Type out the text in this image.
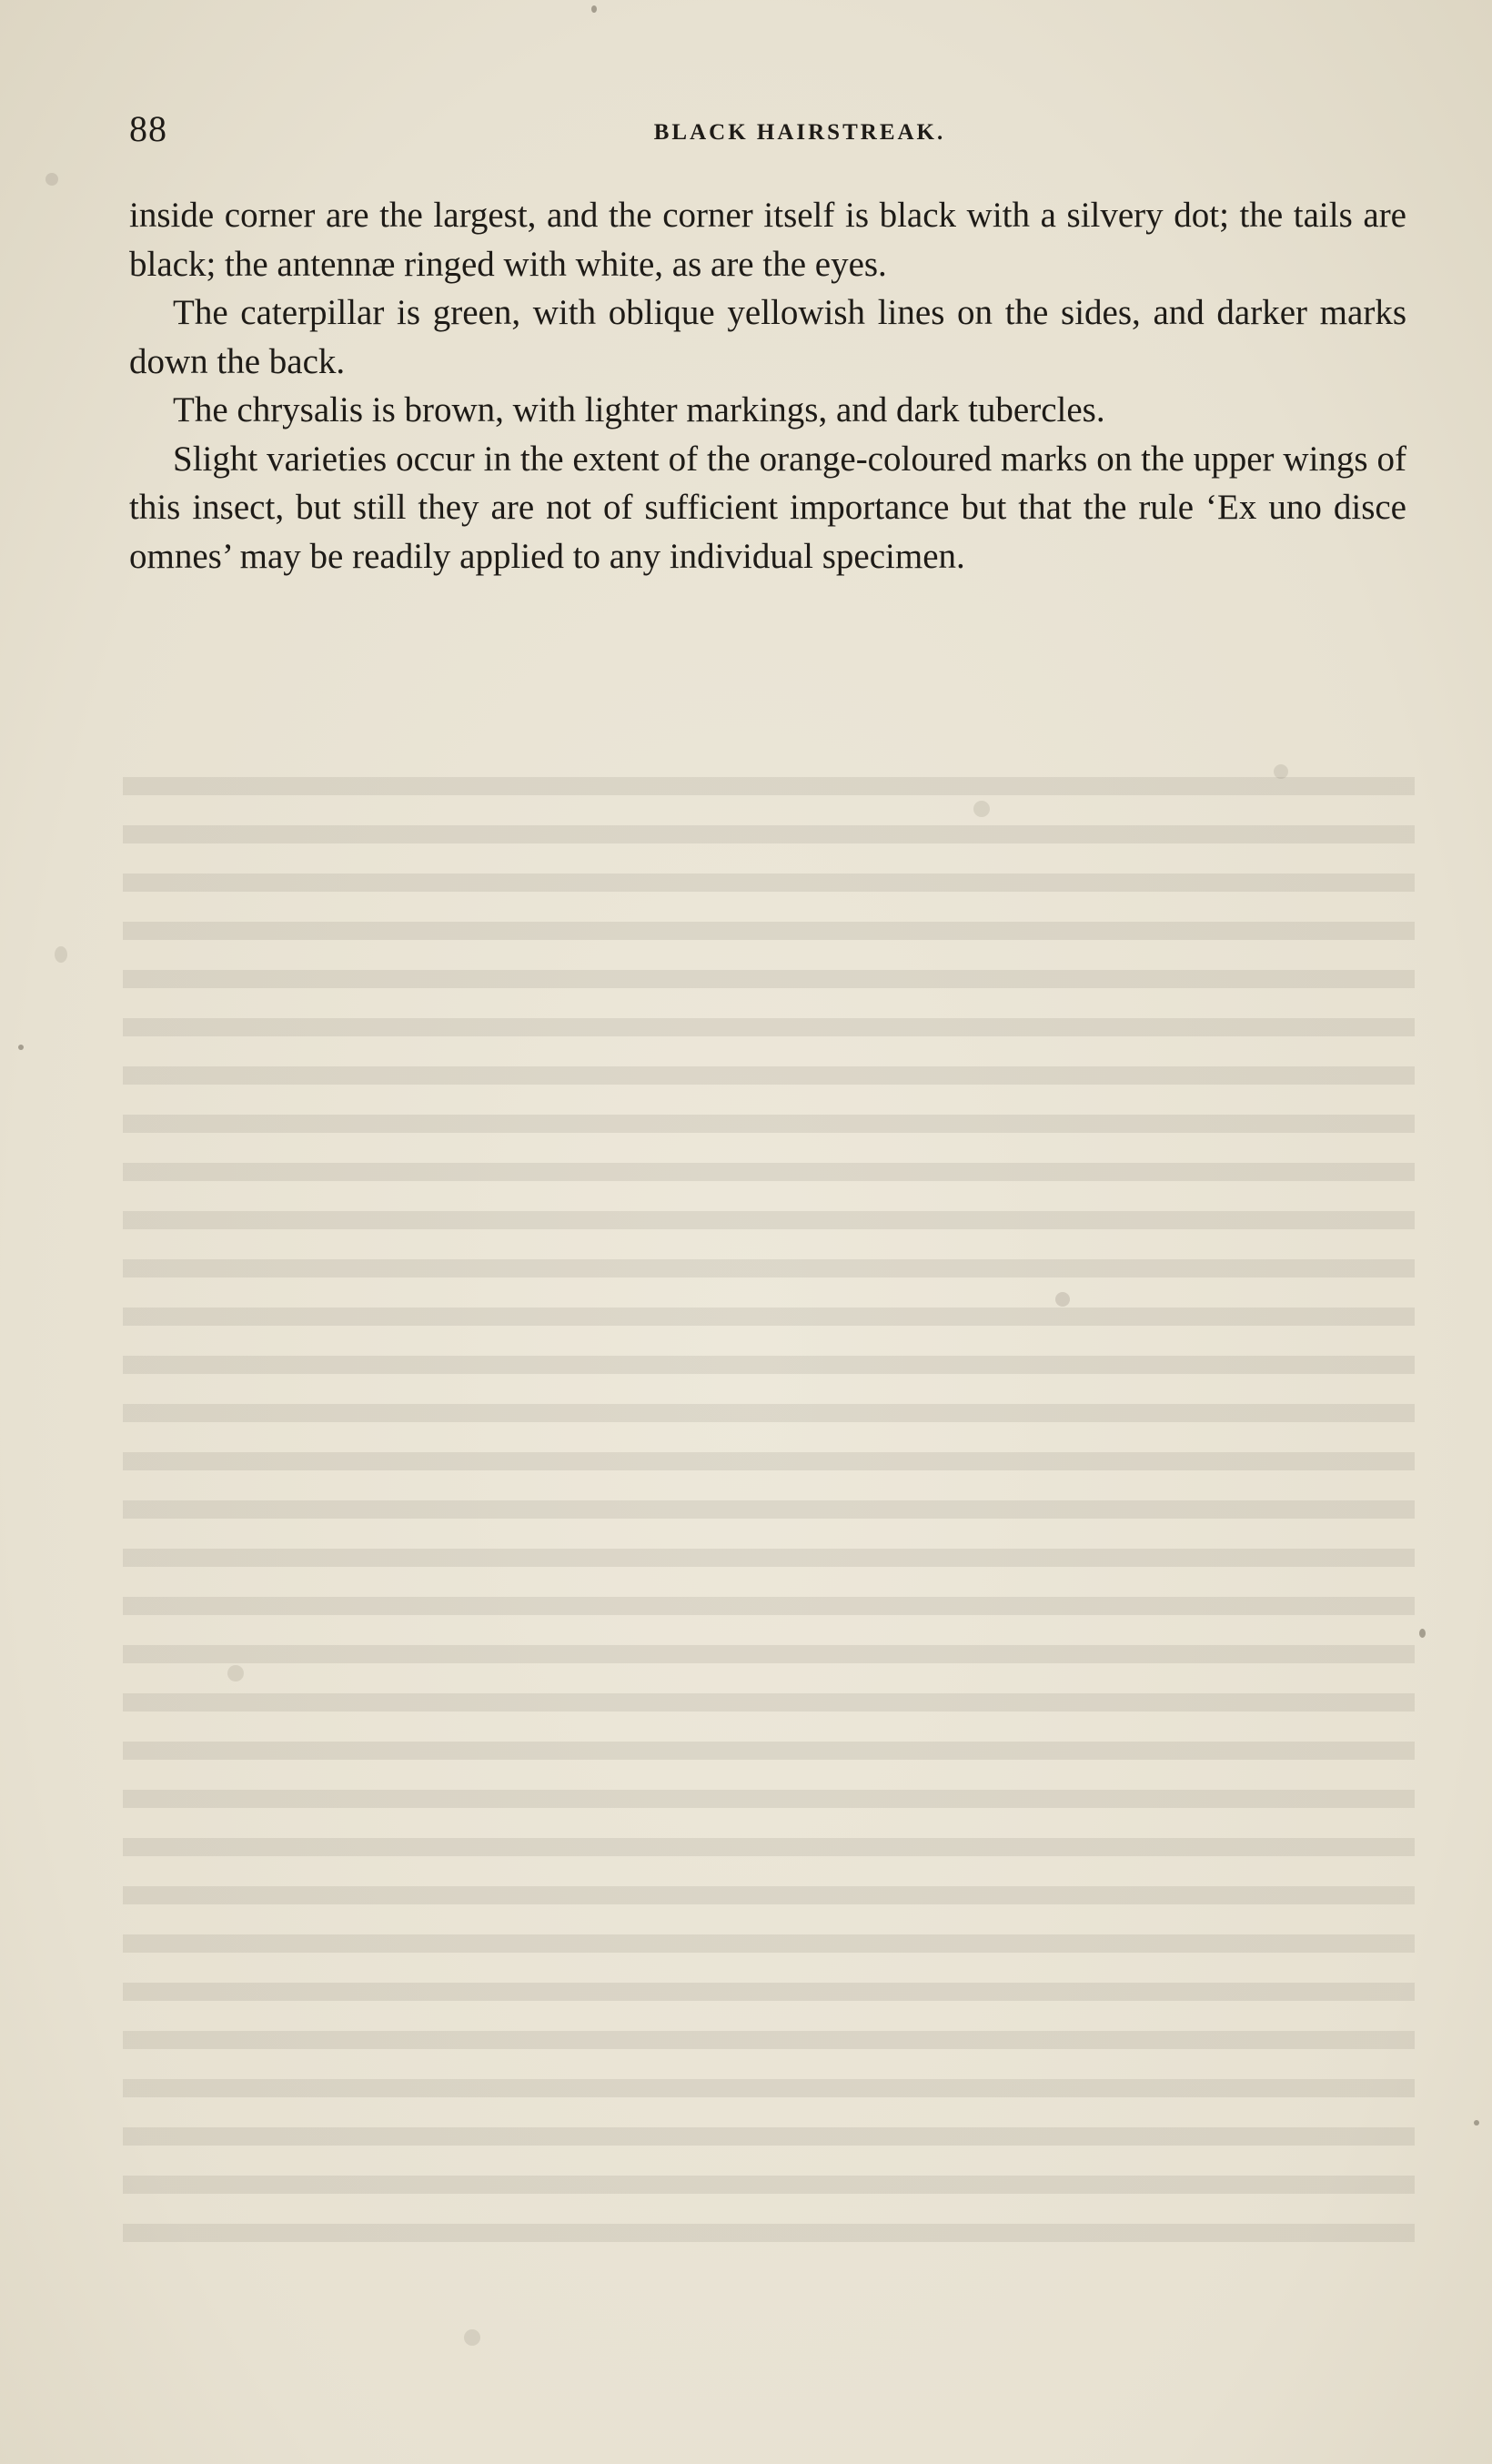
88	BLACK HAIRSTREAK.

inside corner are the largest, and the corner itself is black with a silvery dot; the tails are black; the antennæ ringed with white, as are the eyes.

The caterpillar is green, with oblique yellowish lines on the sides, and darker marks down the back.

The chrysalis is brown, with lighter markings, and dark tubercles.

Slight varieties occur in the extent of the orange-coloured marks on the upper wings of this insect, but still they are not of sufficient importance but that the rule ‘Ex uno disce omnes’ may be readily applied to any individual specimen.
